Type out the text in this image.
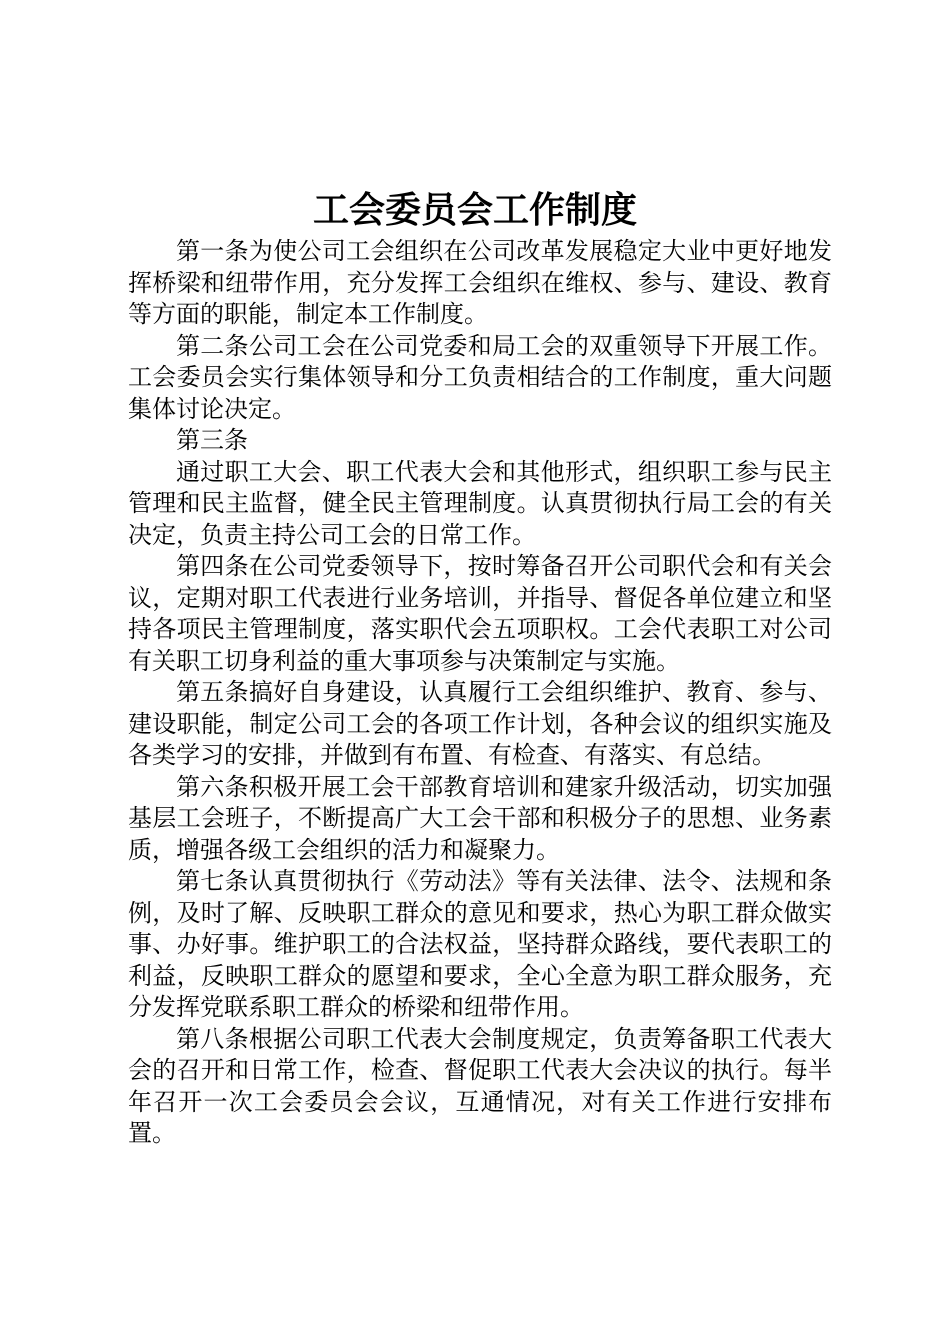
工会委员会工作制度

第一条为使公司工会组织在公司改革发展稳定大业中更好地发挥桥梁和纽带作用，充分发挥工会组织在维权、参与、建设、教育等方面的职能，制定本工作制度。

第二条公司工会在公司党委和局工会的双重领导下开展工作。工会委员会实行集体领导和分工负责相结合的工作制度，重大问题集体讨论决定。

第三条

通过职工大会、职工代表大会和其他形式，组织职工参与民主管理和民主监督，健全民主管理制度。认真贯彻执行局工会的有关决定，负责主持公司工会的日常工作。

第四条在公司党委领导下，按时筹备召开公司职代会和有关会议，定期对职工代表进行业务培训，并指导、督促各单位建立和坚持各项民主管理制度，落实职代会五项职权。工会代表职工对公司有关职工切身利益的重大事项参与决策制定与实施。

第五条搞好自身建设，认真履行工会组织维护、教育、参与、建设职能，制定公司工会的各项工作计划，各种会议的组织实施及各类学习的安排，并做到有布置、有检查、有落实、有总结。

第六条积极开展工会干部教育培训和建家升级活动，切实加强基层工会班子，不断提高广大工会干部和积极分子的思想、业务素质，增强各级工会组织的活力和凝聚力。

第七条认真贯彻执行《劳动法》等有关法律、法令、法规和条例，及时了解、反映职工群众的意见和要求，热心为职工群众做实事、办好事。维护职工的合法权益，坚持群众路线，要代表职工的利益，反映职工群众的愿望和要求，全心全意为职工群众服务，充分发挥党联系职工群众的桥梁和纽带作用。

第八条根据公司职工代表大会制度规定，负责筹备职工代表大会的召开和日常工作，检查、督促职工代表大会决议的执行。每半年召开一次工会委员会会议，互通情况，对有关工作进行安排布置。
